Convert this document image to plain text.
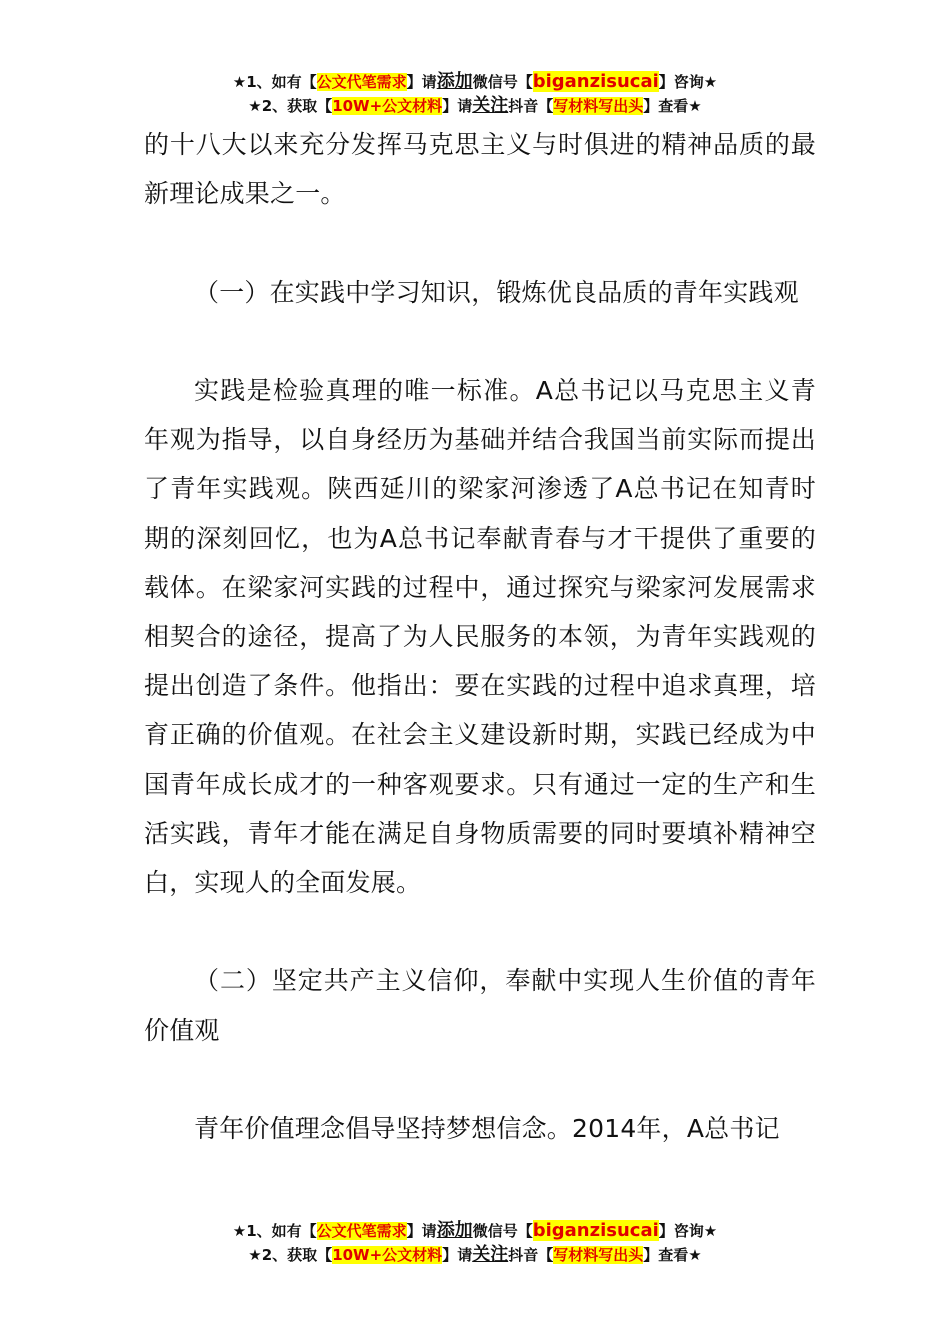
★1、如有【公文代笔需求】请添加微信号【biganzisucai】咨询★
★2、获取【10W+公文材料】请关注抖音【写材料写出头】查看★

的十八大以来充分发挥马克思主义与时俱进的精神品质的最新理论成果之一。

（一）在实践中学习知识，锻炼优良品质的青年实践观

实践是检验真理的唯一标准。A总书记以马克思主义青年观为指导，以自身经历为基础并结合我国当前实际而提出了青年实践观。陕西延川的梁家河渗透了A总书记在知青时期的深刻回忆，也为A总书记奉献青春与才干提供了重要的载体。在梁家河实践的过程中，通过探究与梁家河发展需求相契合的途径，提高了为人民服务的本领，为青年实践观的提出创造了条件。他指出：要在实践的过程中追求真理，培育正确的价值观。在社会主义建设新时期，实践已经成为中国青年成长成才的一种客观要求。只有通过一定的生产和生活实践，青年才能在满足自身物质需要的同时要填补精神空白，实现人的全面发展。

（二）坚定共产主义信仰，奉献中实现人生价值的青年价值观

青年价值理念倡导坚持梦想信念。2014年，A总书记

★1、如有【公文代笔需求】请添加微信号【biganzisucai】咨询★
★2、获取【10W+公文材料】请关注抖音【写材料写出头】查看★
